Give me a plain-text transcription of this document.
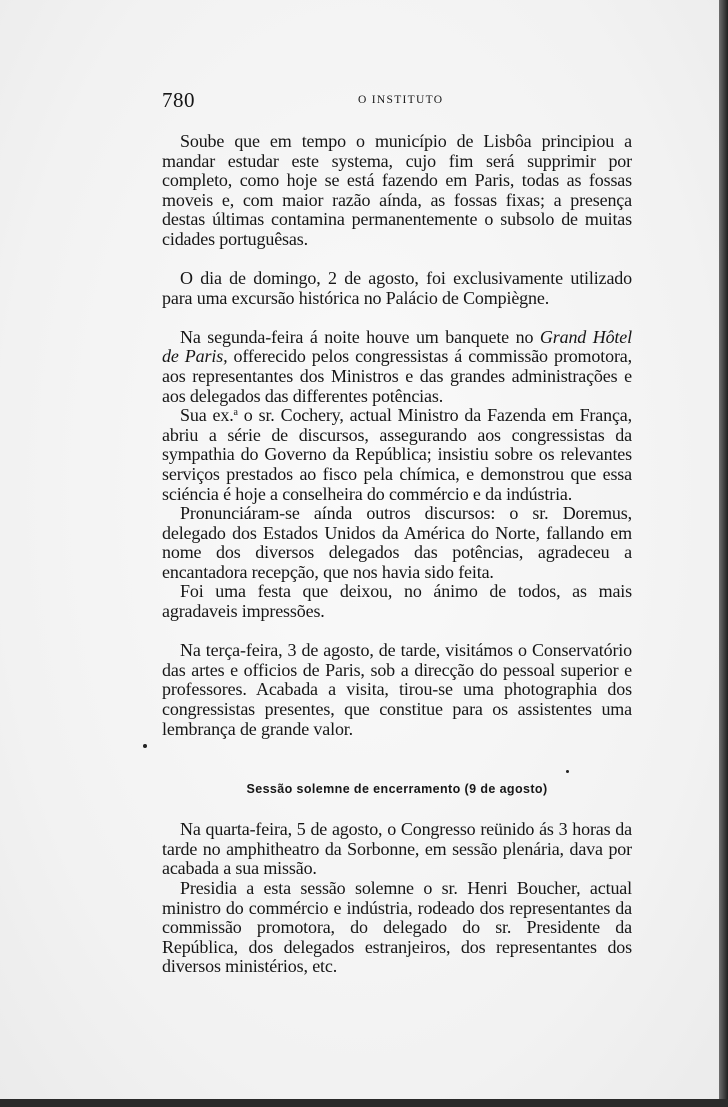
780	O INSTITUTO

Soube que em tempo o município de Lisbôa principiou a mandar estudar este systema, cujo fim será supprimir por completo, como hoje se está fazendo em Paris, todas as fossas moveis e, com maior razão aínda, as fossas fixas; a presença destas últimas contamina permanentemente o subsolo de muitas cidades portuguêsas.

O dia de domingo, 2 de agosto, foi exclusivamente utilizado para uma excursão histórica no Palácio de Compiègne.

Na segunda-feira á noite houve um banquete no Grand Hôtel de Paris, offerecido pelos congressistas á commissão promotora, aos representantes dos Ministros e das grandes administrações e aos delegados das differentes potências.

Sua ex.$^a$ o sr. Cochery, actual Ministro da Fazenda em França, abriu a série de discursos, assegurando aos congressistas da sympathia do Governo da República; insistiu sobre os relevantes serviços prestados ao fisco pela chímica, e demonstrou que essa sciéncia é hoje a conselheira do commércio e da indústria.

Pronunciáram-se aínda outros discursos: o sr. Doremus, delegado dos Estados Unidos da América do Norte, fallando em nome dos diversos delegados das potências, agradeceu a encantadora recepção, que nos havia sido feita.

Foi uma festa que deixou, no ánimo de todos, as mais agradaveis impressões.

Na terça-feira, 3 de agosto, de tarde, visitámos o Conservatório das artes e officios de Paris, sob a direcção do pessoal superior e professores. Acabada a visita, tirou-se uma photographia dos congressistas presentes, que constitue para os assistentes uma lembrança de grande valor.

Sessão solemne de encerramento (9 de agosto)

Na quarta-feira, 5 de agosto, o Congresso reünido ás 3 horas da tarde no amphitheatro da Sorbonne, em sessão plenária, dava por acabada a sua missão.

Presidia a esta sessão solemne o sr. Henri Boucher, actual ministro do commércio e indústria, rodeado dos representantes da commissão promotora, do delegado do sr. Presidente da República, dos delegados estranjeiros, dos representantes dos diversos ministérios, etc.
